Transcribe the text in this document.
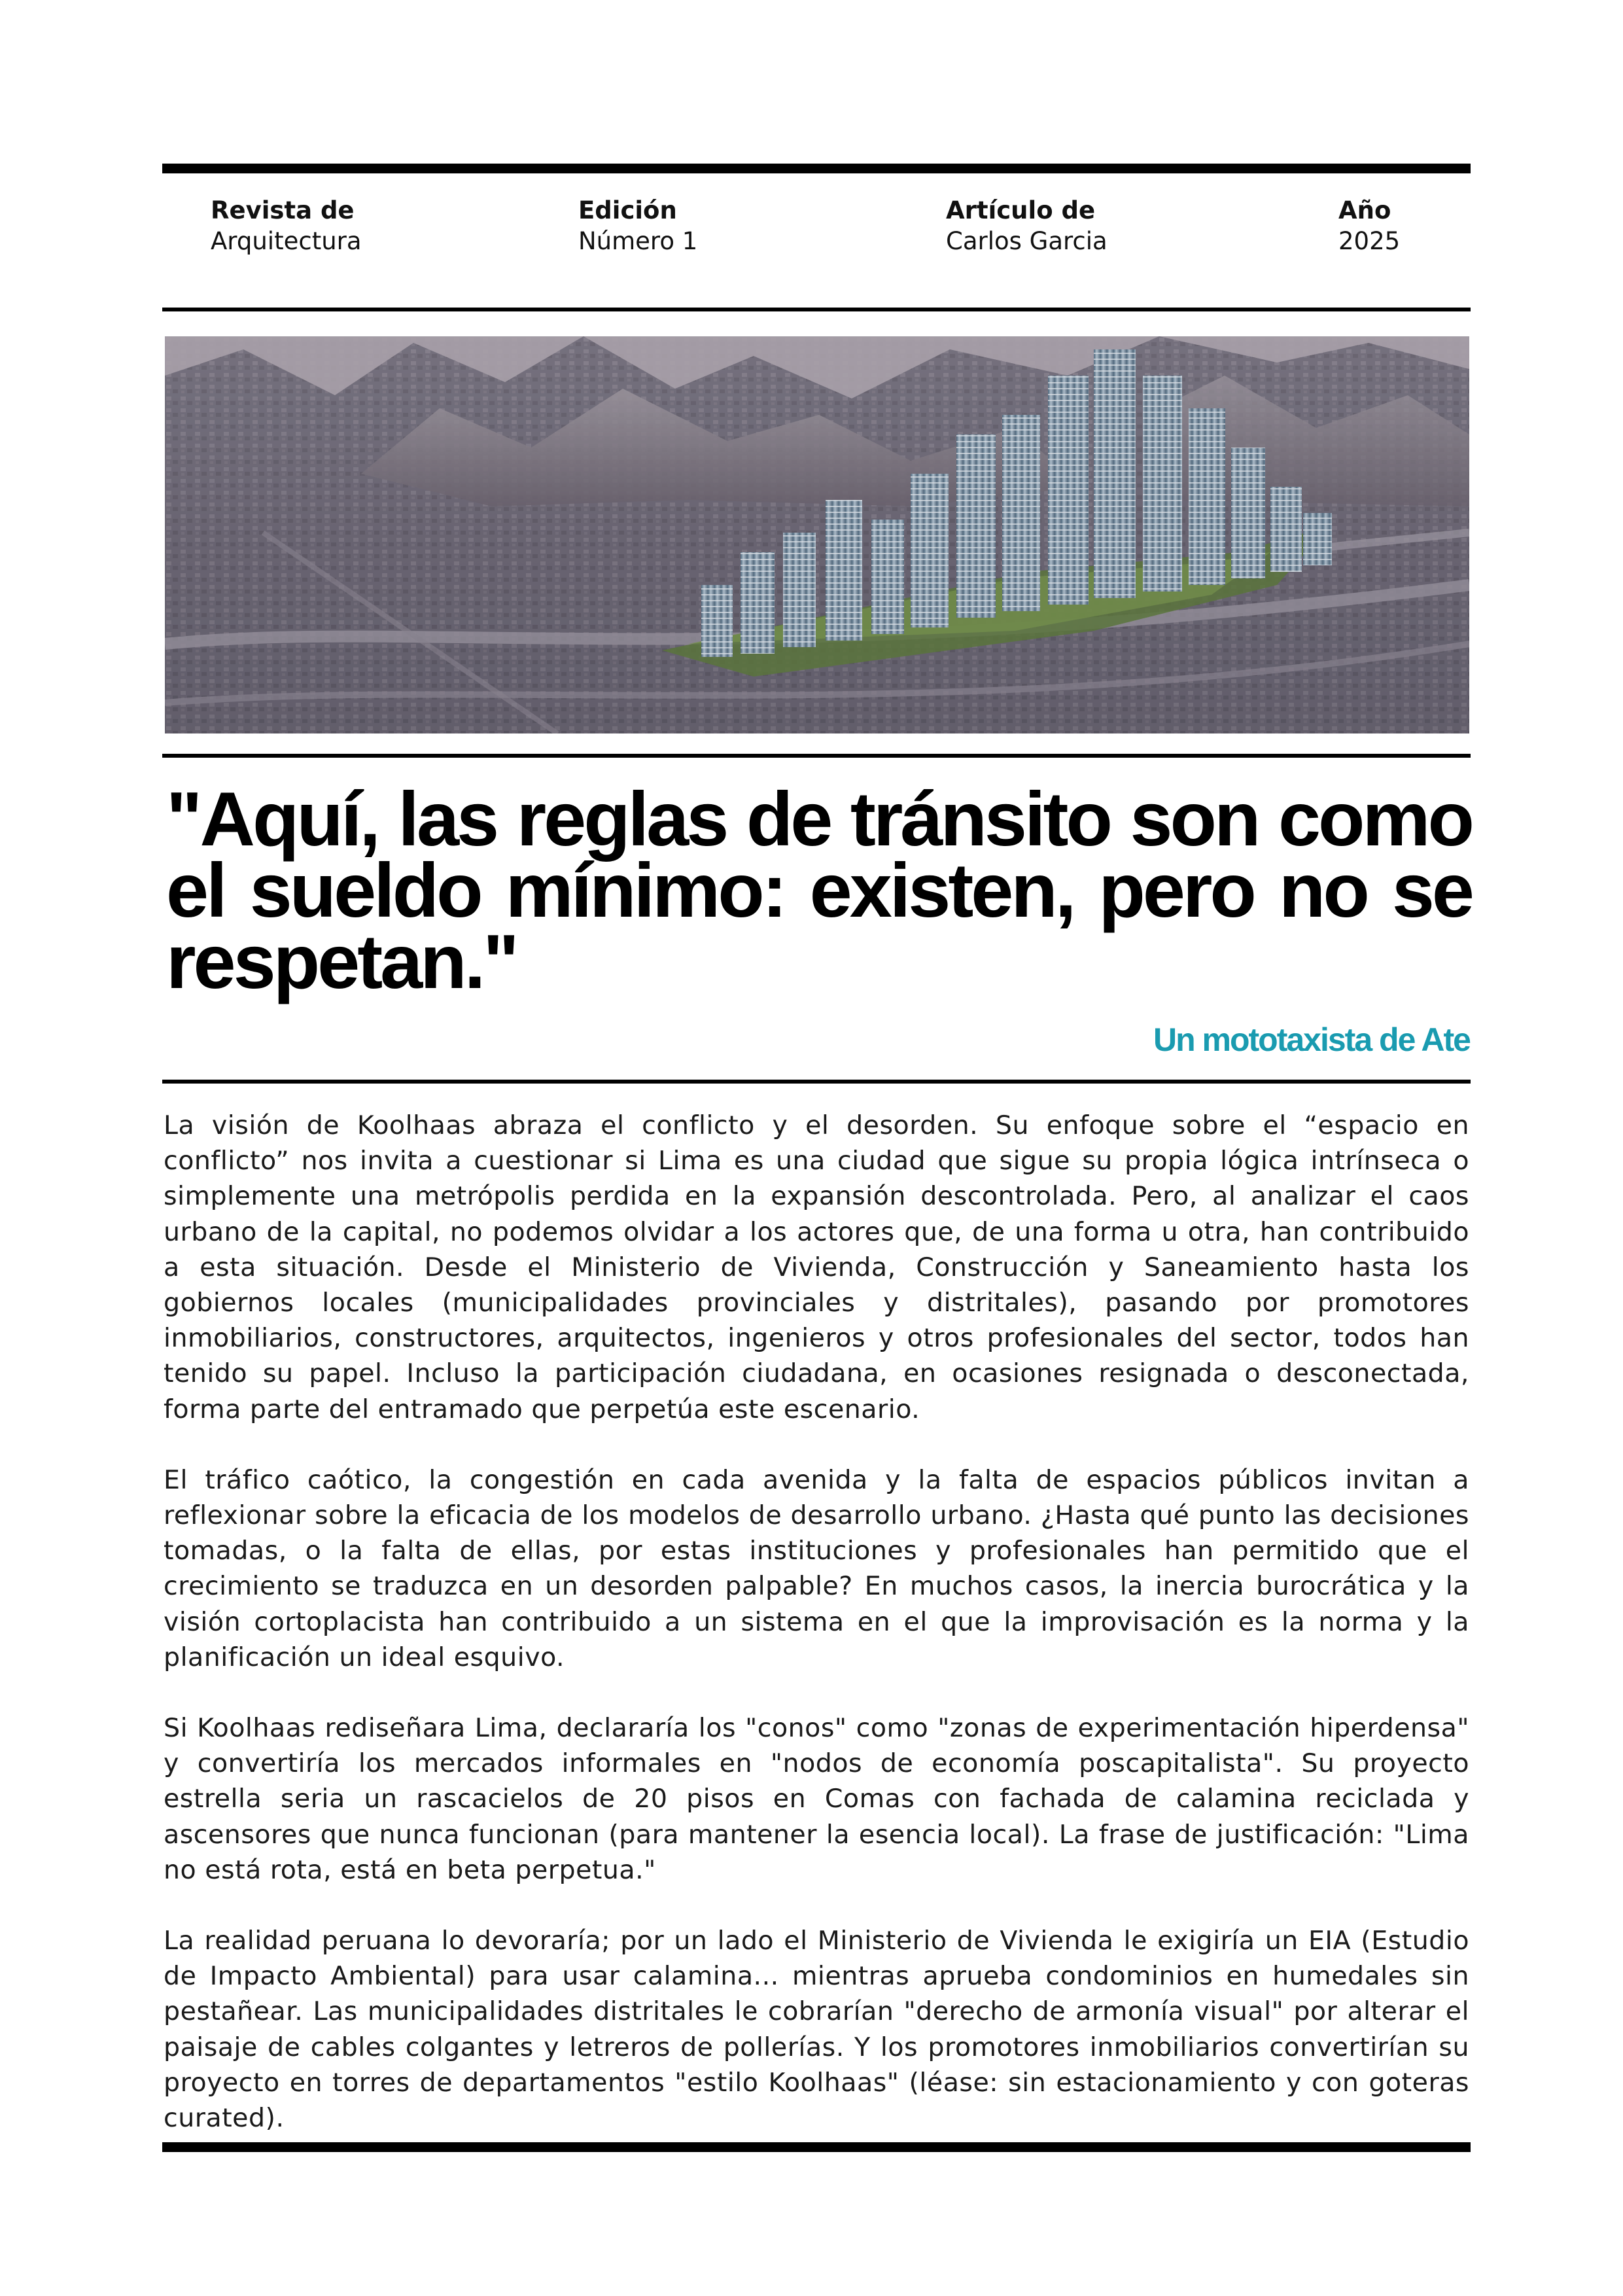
Revista de
Arquitectura
Edición
Número 1
Artículo de
Carlos Garcia
Año
2025
"Aquí, las reglas de tránsito son como el sueldo mínimo: existen, pero no se respetan."

Un mototaxista de Ate

La visión de Koolhaas abraza el conflicto y el desorden. Su enfoque sobre el “espacio en conflicto” nos invita a cuestionar si Lima es una ciudad que sigue su propia lógica intrínseca o simplemente una metrópolis perdida en la expansión descontrolada. Pero, al analizar el caos urbano de la capital, no podemos olvidar a los actores que, de una forma u otra, han contribuido a esta situación. Desde el Ministerio de Vivienda, Construcción y Saneamiento hasta los gobiernos locales (municipalidades provinciales y distritales), pasando por promotores inmobiliarios, constructores, arquitectos, ingenieros y otros profesionales del sector, todos han tenido su papel. Incluso la participación ciudadana, en ocasiones resignada o desconectada, forma parte del entramado que perpetúa este escenario.

El tráfico caótico, la congestión en cada avenida y la falta de espacios públicos invitan a reflexionar sobre la eficacia de los modelos de desarrollo urbano. ¿Hasta qué punto las decisiones tomadas, o la falta de ellas, por estas instituciones y profesionales han permitido que el crecimiento se traduzca en un desorden palpable? En muchos casos, la inercia burocrática y la visión cortoplacista han contribuido a un sistema en el que la improvisación es la norma y la planificación un ideal esquivo.

Si Koolhaas rediseñara Lima, declararía los "conos" como "zonas de experimentación hiperdensa" y convertiría los mercados informales en "nodos de economía poscapitalista". Su proyecto estrella seria un rascacielos de 20 pisos en Comas con fachada de calamina reciclada y ascensores que nunca funcionan (para mantener la esencia local). La frase de justificación: "Lima no está rota, está en beta perpetua."

La realidad peruana lo devoraría; por un lado el Ministerio de Vivienda le exigiría un EIA (Estudio de Impacto Ambiental) para usar calamina... mientras aprueba condominios en humedales sin pestañear. Las municipalidades distritales le cobrarían "derecho de armonía visual" por alterar el paisaje de cables colgantes y letreros de pollerías. Y los promotores inmobiliarios convertirían su proyecto en torres de departamentos "estilo Koolhaas" (léase: sin estacionamiento y con goteras curated).
